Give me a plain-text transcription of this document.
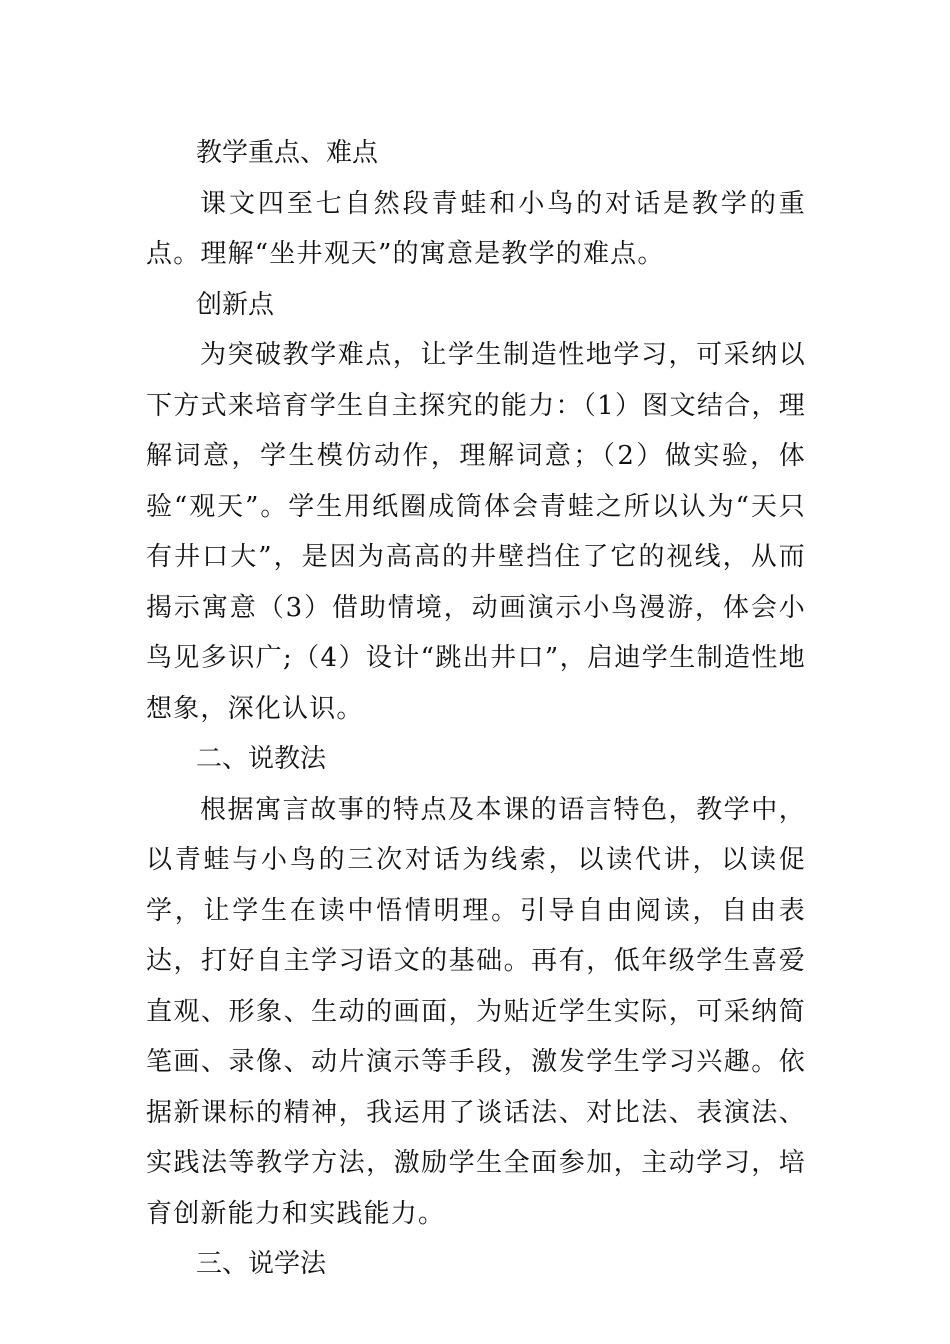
教学重点、难点

课文四至七自然段青蛙和小鸟的对话是教学的重点。理解“坐井观天”的寓意是教学的难点。

创新点

为突破教学难点，让学生制造性地学习，可采纳以下方式来培育学生自主探究的能力：（1）图文结合，理解词意，学生模仿动作，理解词意；（2）做实验，体验“观天”。学生用纸圈成筒体会青蛙之所以认为“天只有井口大”，是因为高高的井壁挡住了它的视线，从而揭示寓意（3）借助情境，动画演示小鸟漫游，体会小鸟见多识广;（4）设计“跳出井口”，启迪学生制造性地想象，深化认识。

二、说教法

根据寓言故事的特点及本课的语言特色，教学中，以青蛙与小鸟的三次对话为线索，以读代讲，以读促学，让学生在读中悟情明理。引导自由阅读，自由表达，打好自主学习语文的基础。再有，低年级学生喜爱直观、形象、生动的画面，为贴近学生实际，可采纳简笔画、录像、动片演示等手段，激发学生学习兴趣。依据新课标的精神，我运用了谈话法、对比法、表演法、实践法等教学方法，激励学生全面参加，主动学习，培育创新能力和实践能力。

三、说学法
